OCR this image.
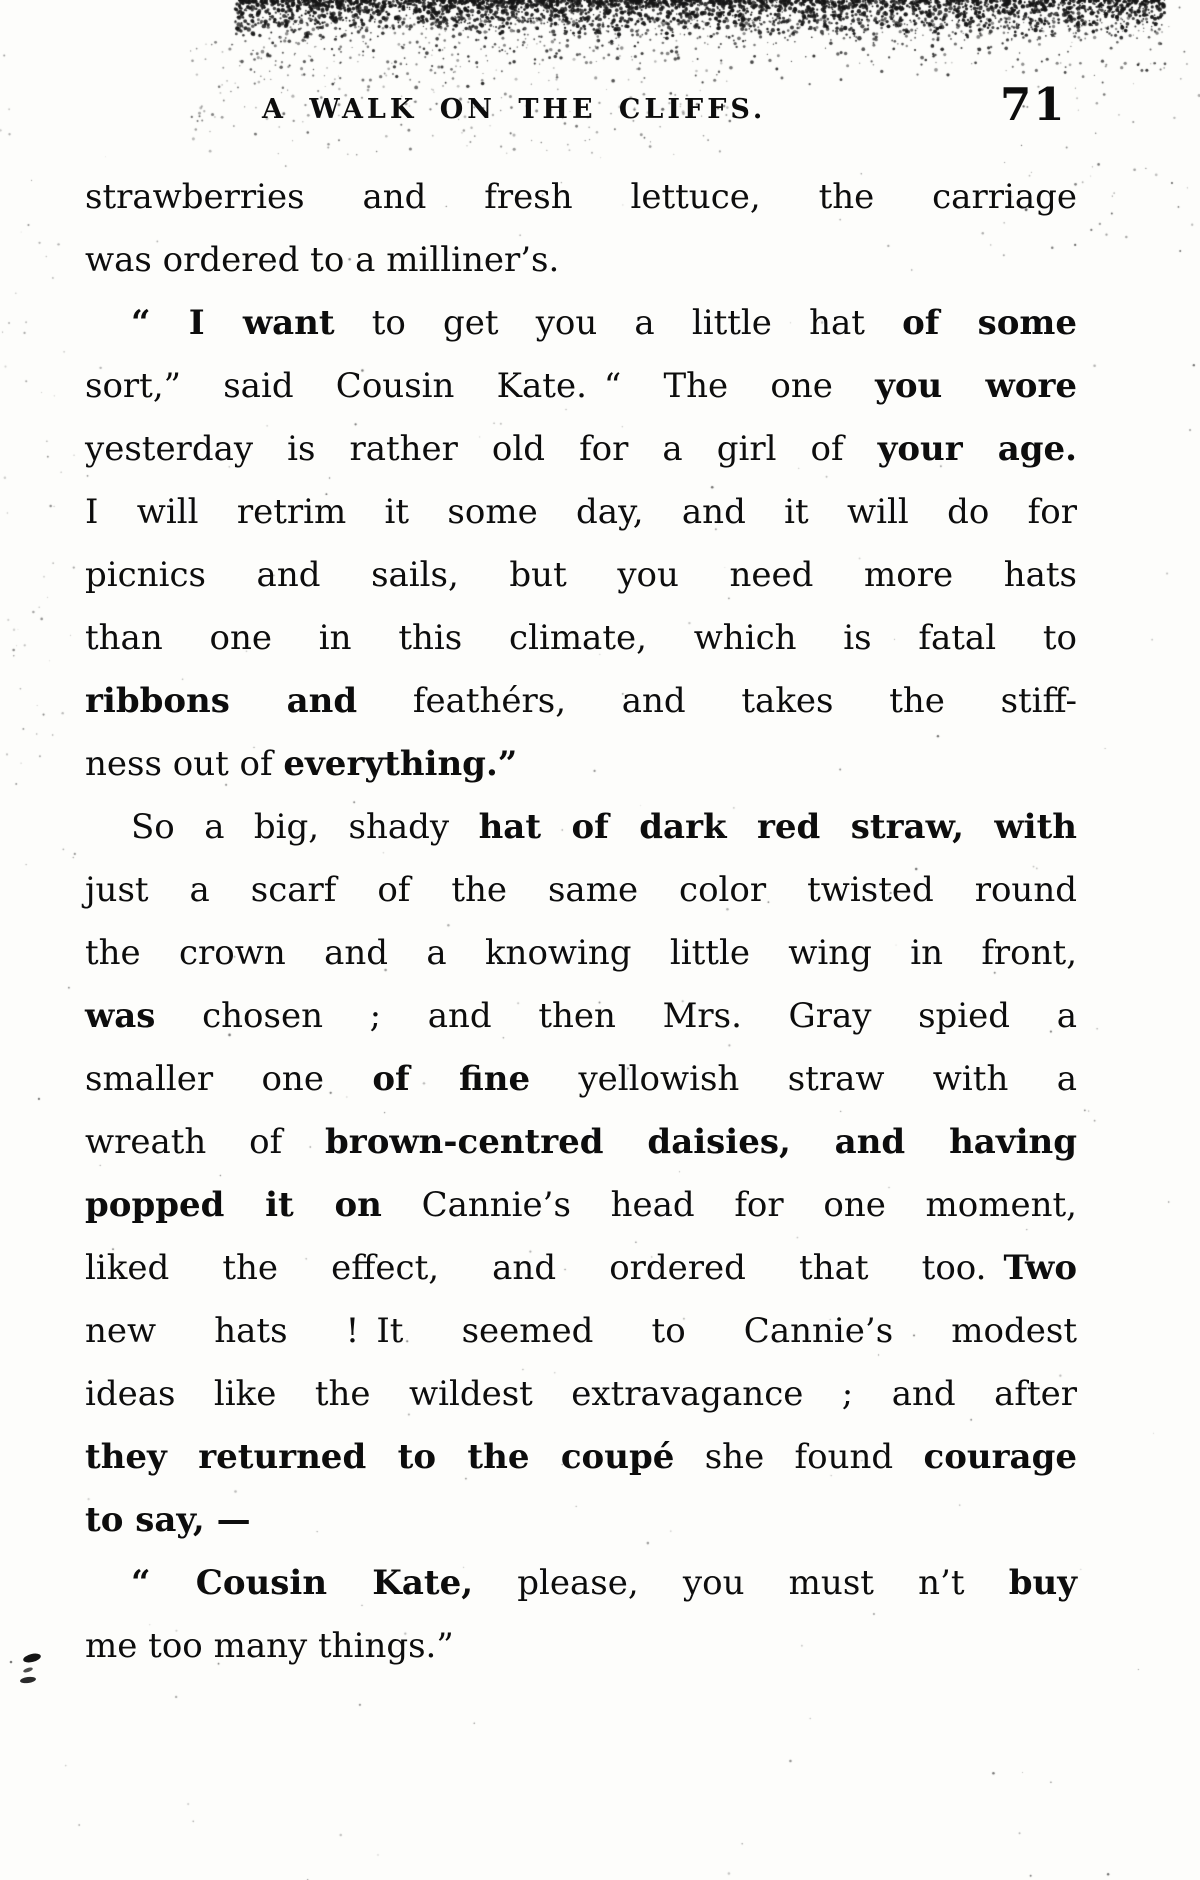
A WALK ON THE CLIFFS.	71
strawberries and fresh lettuce, the carriage
was ordered to a milliner’s.
“ I want to get you a little hat of some
sort,” said Cousin Kate. “ The one you wore
yesterday is rather old for a girl of your age.
I will retrim it some day, and it will do for
picnics and sails, but you need more hats
than one in this climate, which is fatal to
ribbons and feathérs, and takes the stiff-
ness out of everything.”
So a big, shady hat of dark red straw, with
just a scarf of the same color twisted round
the crown and a knowing little wing in front,
was chosen ; and then Mrs. Gray spied a
smaller one of fine yellowish straw with a
wreath of brown-centred daisies, and having
popped it on Cannie’s head for one moment,
liked the effect, and ordered that too. Two
new hats ! It seemed to Cannie’s modest
ideas like the wildest extravagance ; and after
they returned to the coupé she found courage
to say, —
“ Cousin Kate, please, you must n’t buy
me too many things.”
